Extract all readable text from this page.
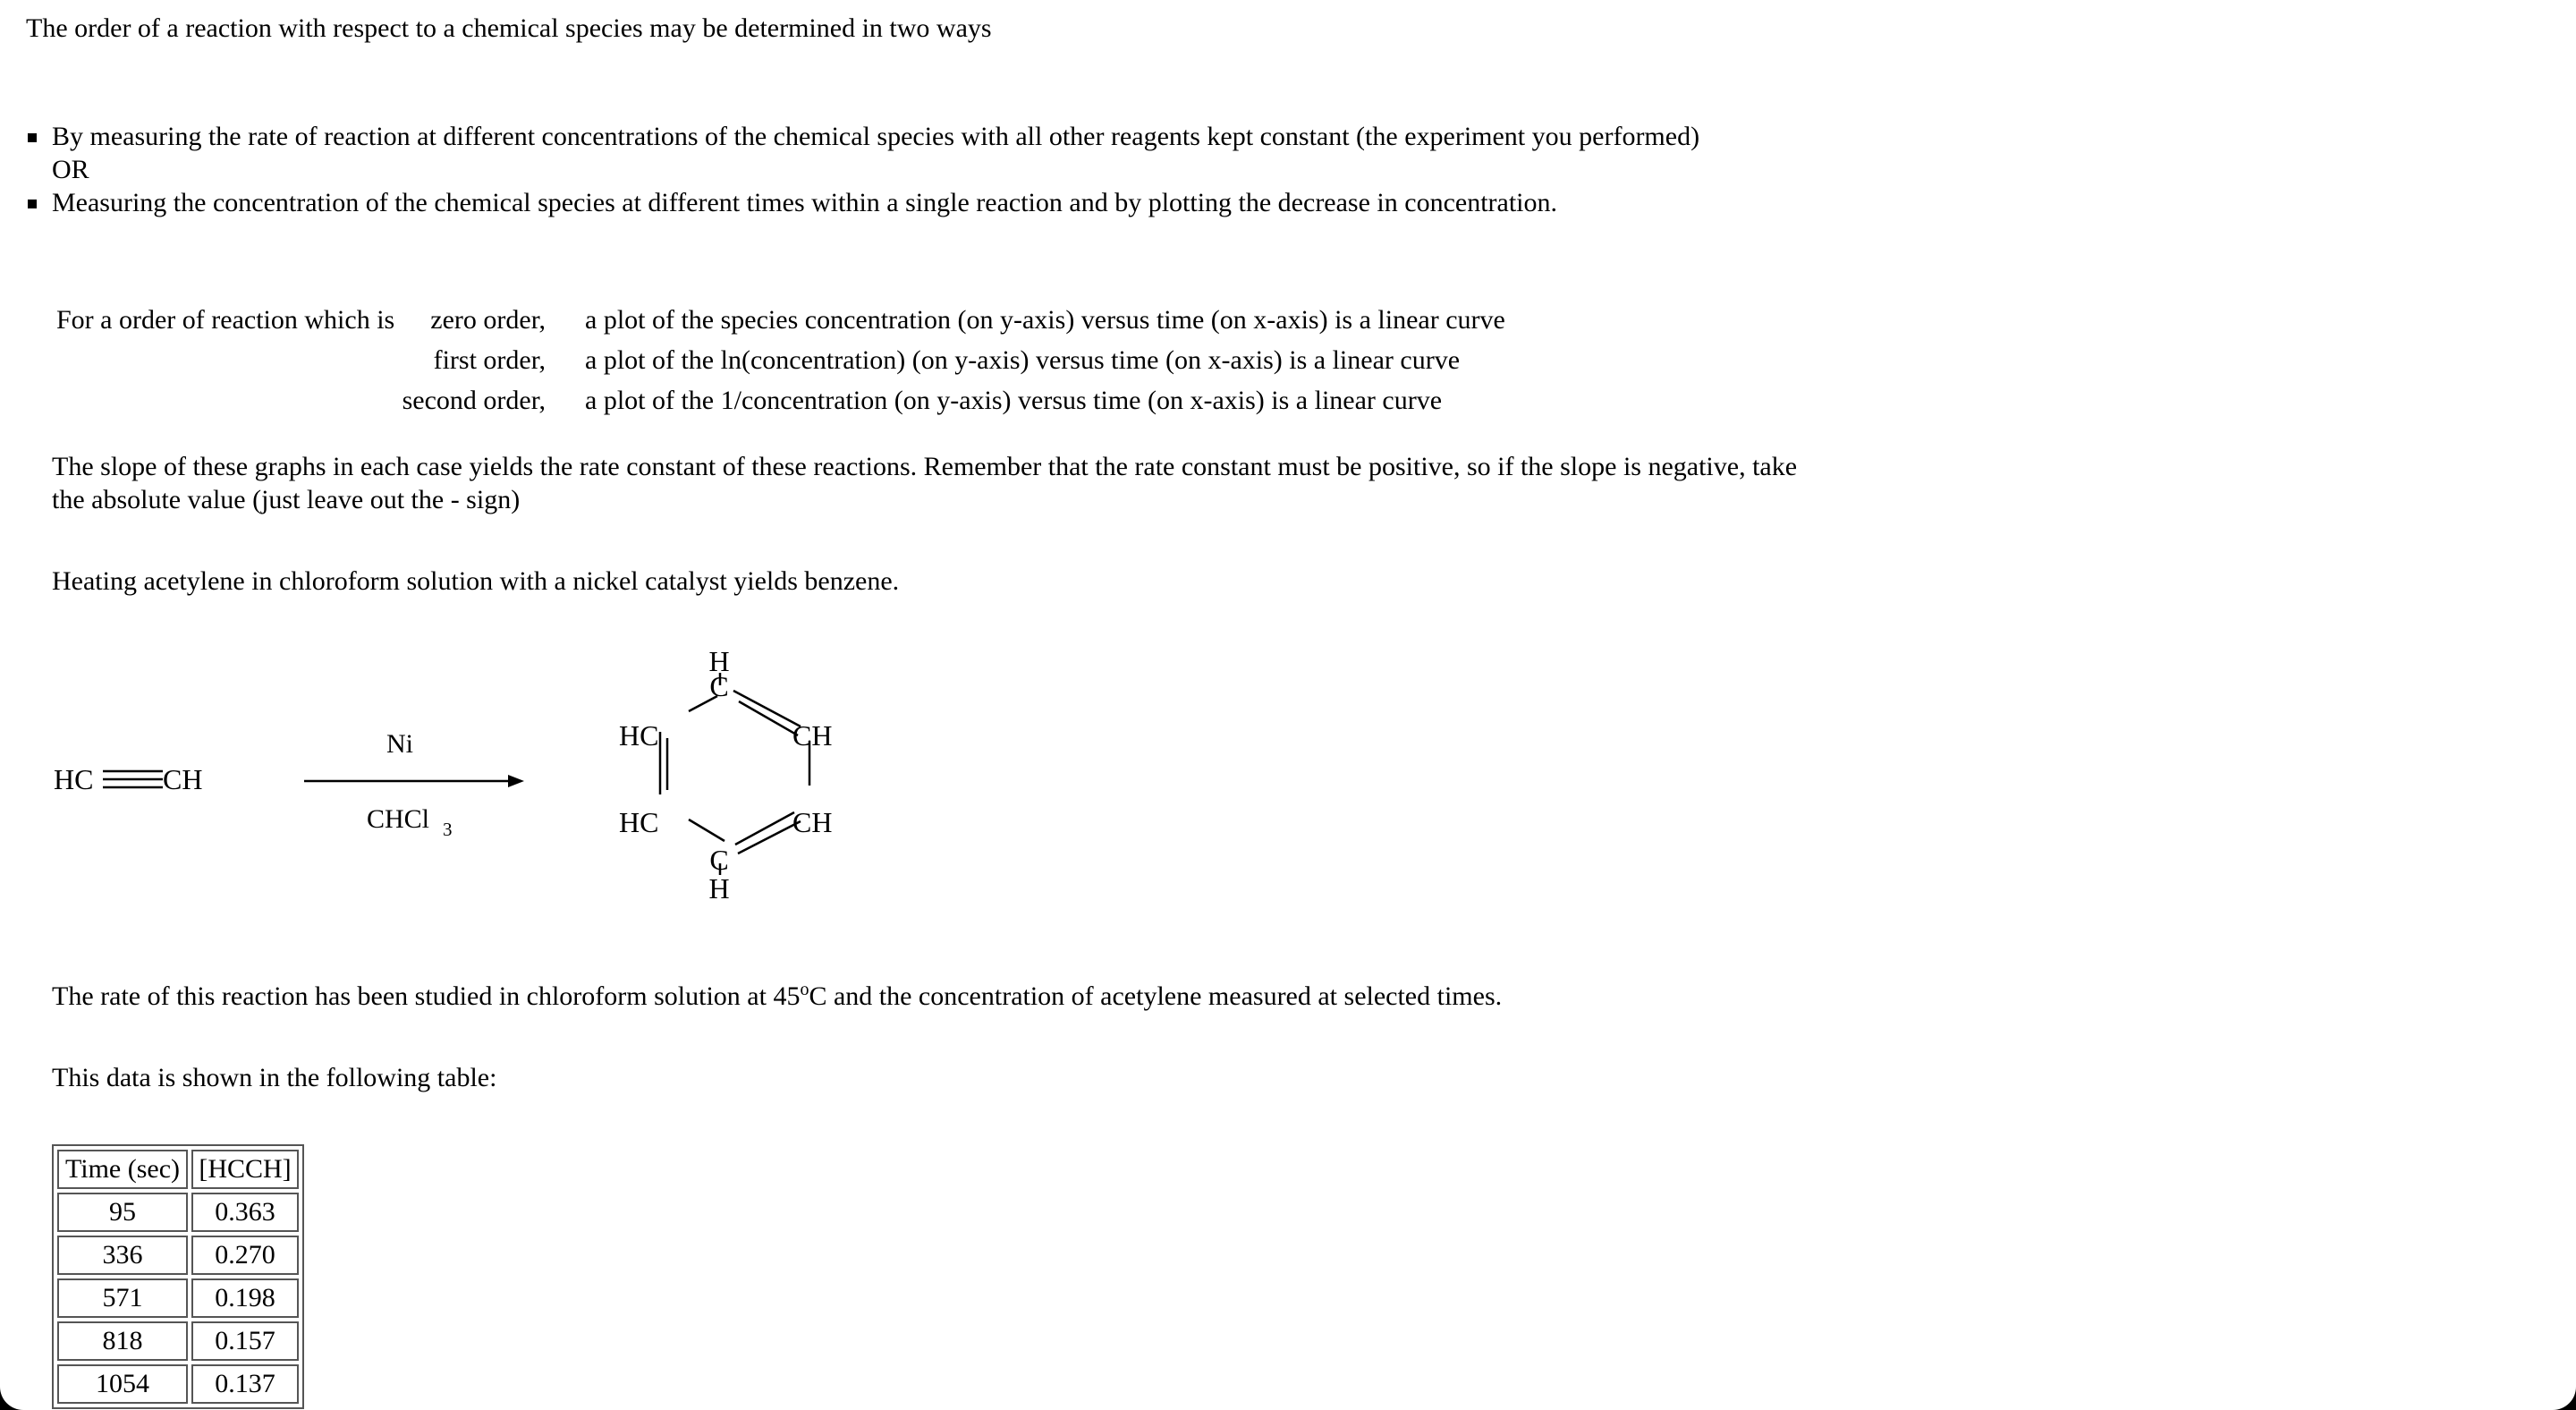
The order of a reaction with respect to a chemical species may be determined in two ways
By measuring the rate of reaction at different concentrations of the chemical species with all other reagents kept constant (the experiment you performed) OR
Measuring the concentration of the chemical species at different times within a single reaction and by plotting the decrease in concentration.
For a order of reaction which is	zero order, a plot of the species concentration (on y-axis) versus time (on x-axis) is a linear curve
first order, a plot of the ln(concentration) (on y-axis) versus time (on x-axis) is a linear curve
second order, a plot of the 1/concentration (on y-axis) versus time (on x-axis) is a linear curve
The slope of these graphs in each case yields the rate constant of these reactions. Remember that the rate constant must be positive, so if the slope is negative, take the absolute value (just leave out the - sign)
Heating acetylene in chloroform solution with a nickel catalyst yields benzene.
HC CH
Ni
CHCl 3
H
C
HC	CH
HC	CH
C
H
The rate of this reaction has been studied in chloroform solution at 45$^o$C and the concentration of acetylene measured at selected times.
This data is shown in the following table:
Time (sec)	[HCCH]
95	0.363
336	0.270
571	0.198
818	0.157
1054	0.137
